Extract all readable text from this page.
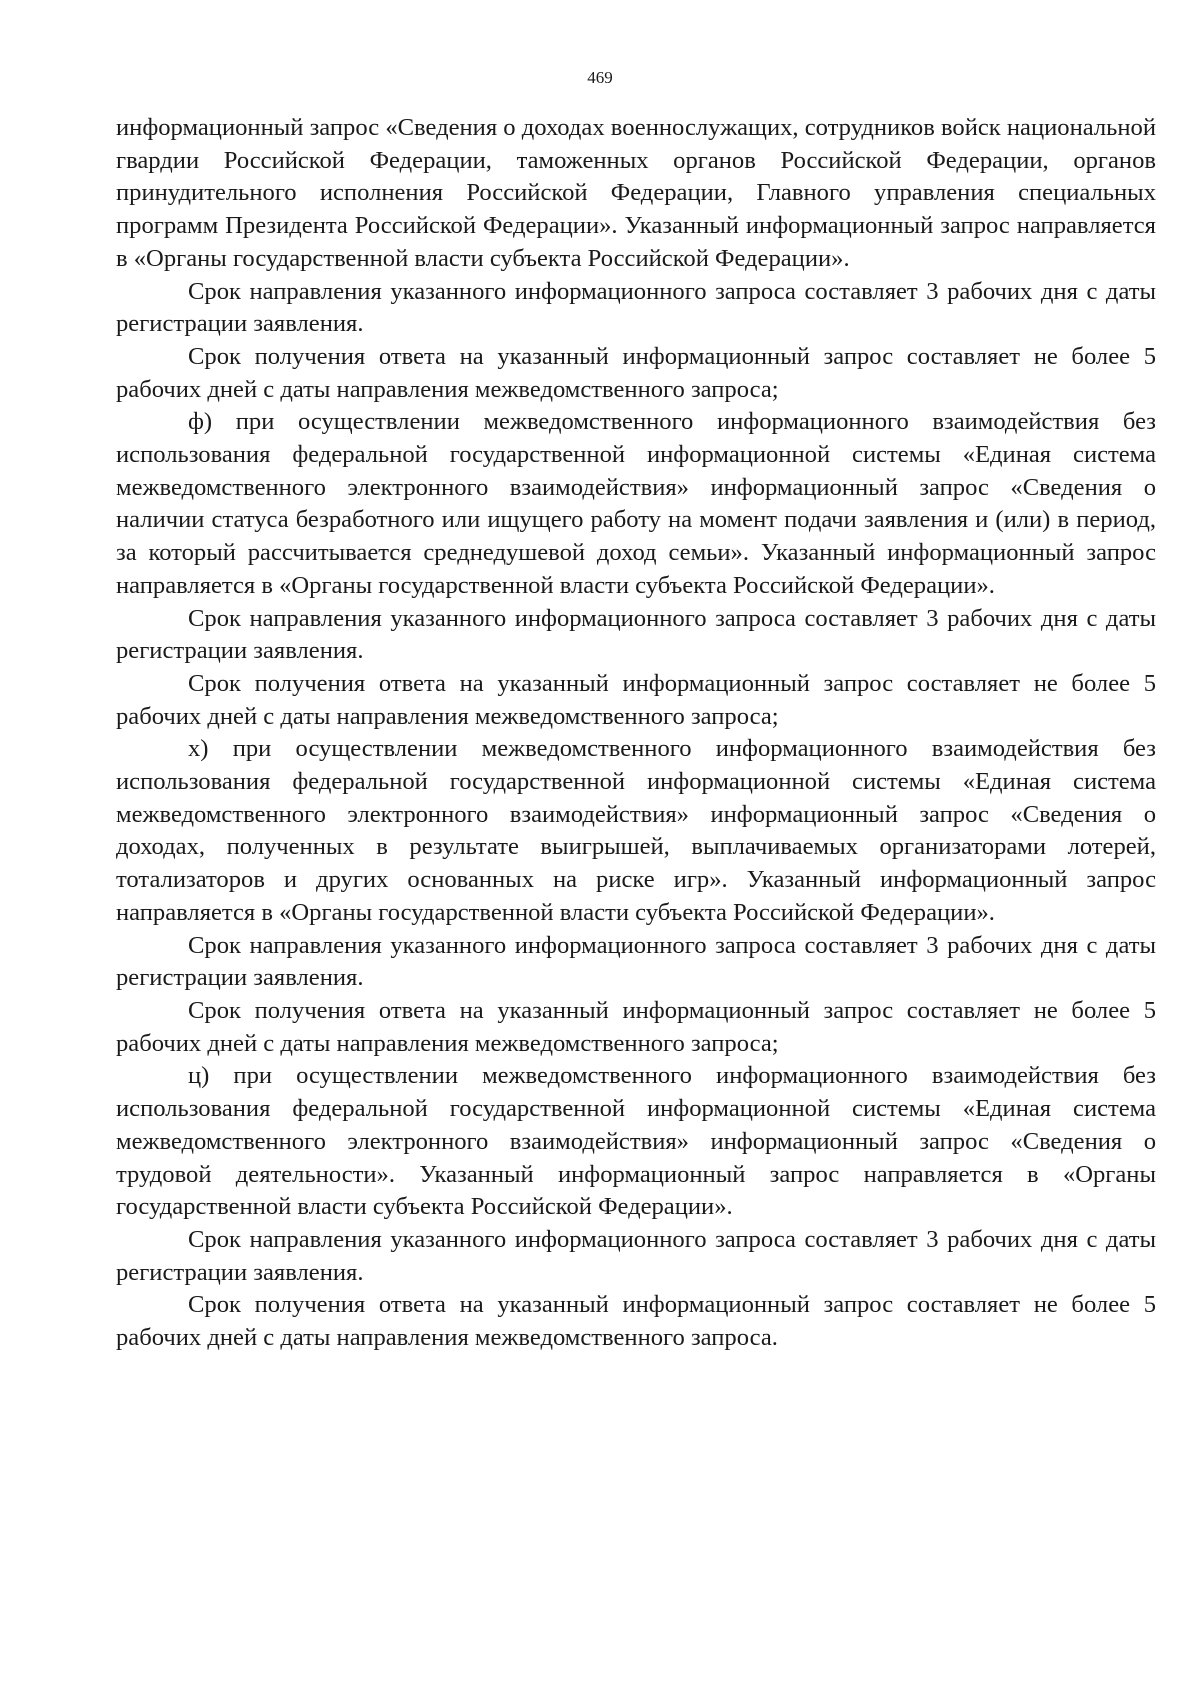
469

информационный запрос «Сведения о доходах военнослужащих, сотрудников войск национальной гвардии Российской Федерации, таможенных органов Российской Федерации, органов принудительного исполнения Российской Федерации, Главного управления специальных программ Президента Российской Федерации». Указанный информационный запрос направляется в «Органы государственной власти субъекта Российской Федерации».

Срок направления указанного информационного запроса составляет 3 рабочих дня с даты регистрации заявления.

Срок получения ответа на указанный информационный запрос составляет не более 5 рабочих дней с даты направления межведомственного запроса;

ф) при осуществлении межведомственного информационного взаимодействия без использования федеральной государственной информационной системы «Единая система межведомственного электронного взаимодействия» информационный запрос «Сведения о наличии статуса безработного или ищущего работу на момент подачи заявления и (или) в период, за который рассчитывается среднедушевой доход семьи». Указанный информационный запрос направляется в «Органы государственной власти субъекта Российской Федерации».

Срок направления указанного информационного запроса составляет 3 рабочих дня с даты регистрации заявления.

Срок получения ответа на указанный информационный запрос составляет не более 5 рабочих дней с даты направления межведомственного запроса;

х) при осуществлении межведомственного информационного взаимодействия без использования федеральной государственной информационной системы «Единая система межведомственного электронного взаимодействия» информационный запрос «Сведения о доходах, полученных в результате выигрышей, выплачиваемых организаторами лотерей, тотализаторов и других основанных на риске игр». Указанный информационный запрос направляется в «Органы государственной власти субъекта Российской Федерации».

Срок направления указанного информационного запроса составляет 3 рабочих дня с даты регистрации заявления.

Срок получения ответа на указанный информационный запрос составляет не более 5 рабочих дней с даты направления межведомственного запроса;

ц) при осуществлении межведомственного информационного взаимодействия без использования федеральной государственной информационной системы «Единая система межведомственного электронного взаимодействия» информационный запрос «Сведения о трудовой деятельности». Указанный информационный запрос направляется в «Органы государственной власти субъекта Российской Федерации».

Срок направления указанного информационного запроса составляет 3 рабочих дня с даты регистрации заявления.

Срок получения ответа на указанный информационный запрос составляет не более 5 рабочих дней с даты направления межведомственного запроса.
